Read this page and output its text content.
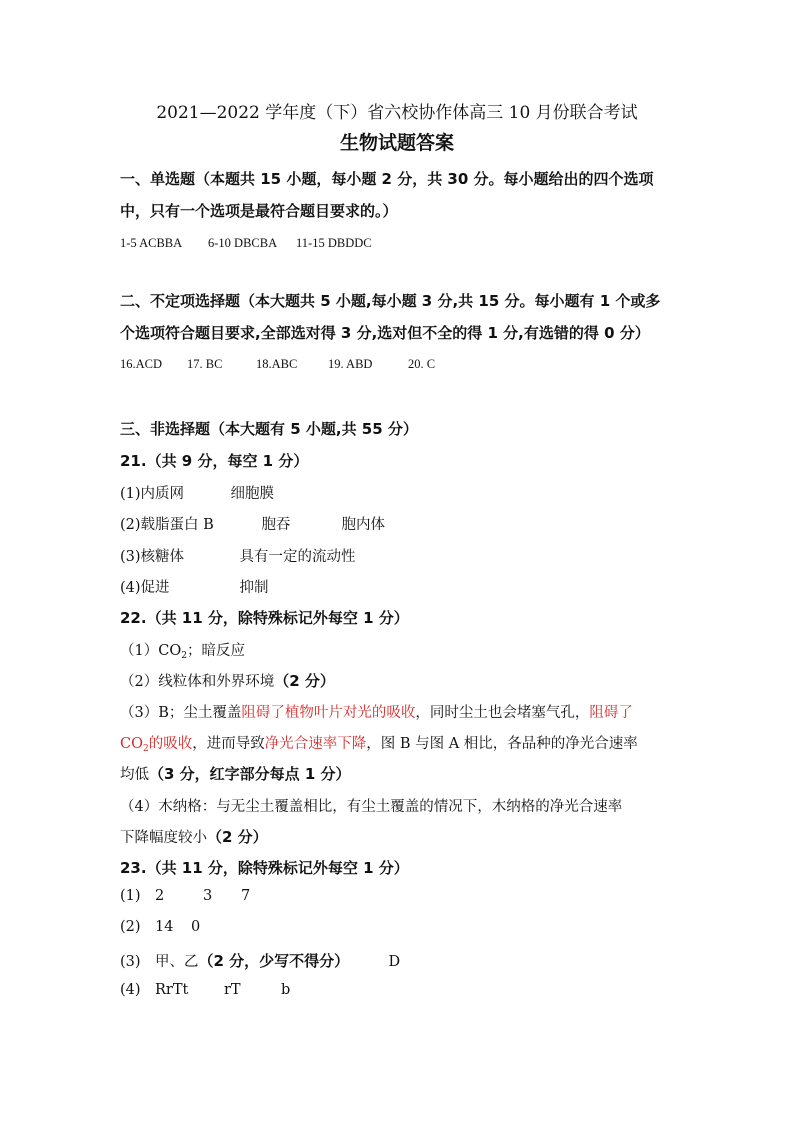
2021—2022 学年度（下）省六校协作体高三 10 月份联合考试
生物试题答案
一、单选题（本题共 15 小题，每小题 2 分，共 30 分。每小题给出的四个选项
中，只有一个选项是最符合题目要求的。）
1-5 ACBBA 6-10 DBCBA 11-15 DBDDC
二、不定项选择题（本大题共 5 小题,每小题 3 分,共 15 分。每小题有 1 个或多
个选项符合题目要求,全部选对得 3 分,选对但不全的得 1 分,有选错的得 0 分）
16.ACD 17. BC	18.ABC 19. ABD	20. C
三、非选择题（本大题有 5 小题,共 55 分）
21.（共 9 分，每空 1 分）
(1)内质网	细胞膜
(2)载脂蛋白 B	胞吞	胞内体
(3)核糖体	具有一定的流动性
(4)促进	抑制
22.（共 11 分，除特殊标记外每空 1 分）
$(1)CO_2$；暗反应
（2）线粒体和外界环境（2 分）
（3）B；尘土覆盖阻碍了植物叶片对光的吸收，同时尘土也会堵塞气孔，阻碍了
$CO_2$的吸收，进而导致净光合速率下降，图 B 与图 A 相比，各品种的净光合速率
均低（3 分，红字部分每点 1 分）
（4）木纳格：与无尘土覆盖相比，有尘土覆盖的情况下，木纳格的净光合速率
下降幅度较小（2 分）
23.（共 11 分，除特殊标记外每空 1 分）
(1) 2	3 7
(2) 14 0
(3) 甲、乙（2 分，少写不得分）	D
(4) RrTt rT	b
